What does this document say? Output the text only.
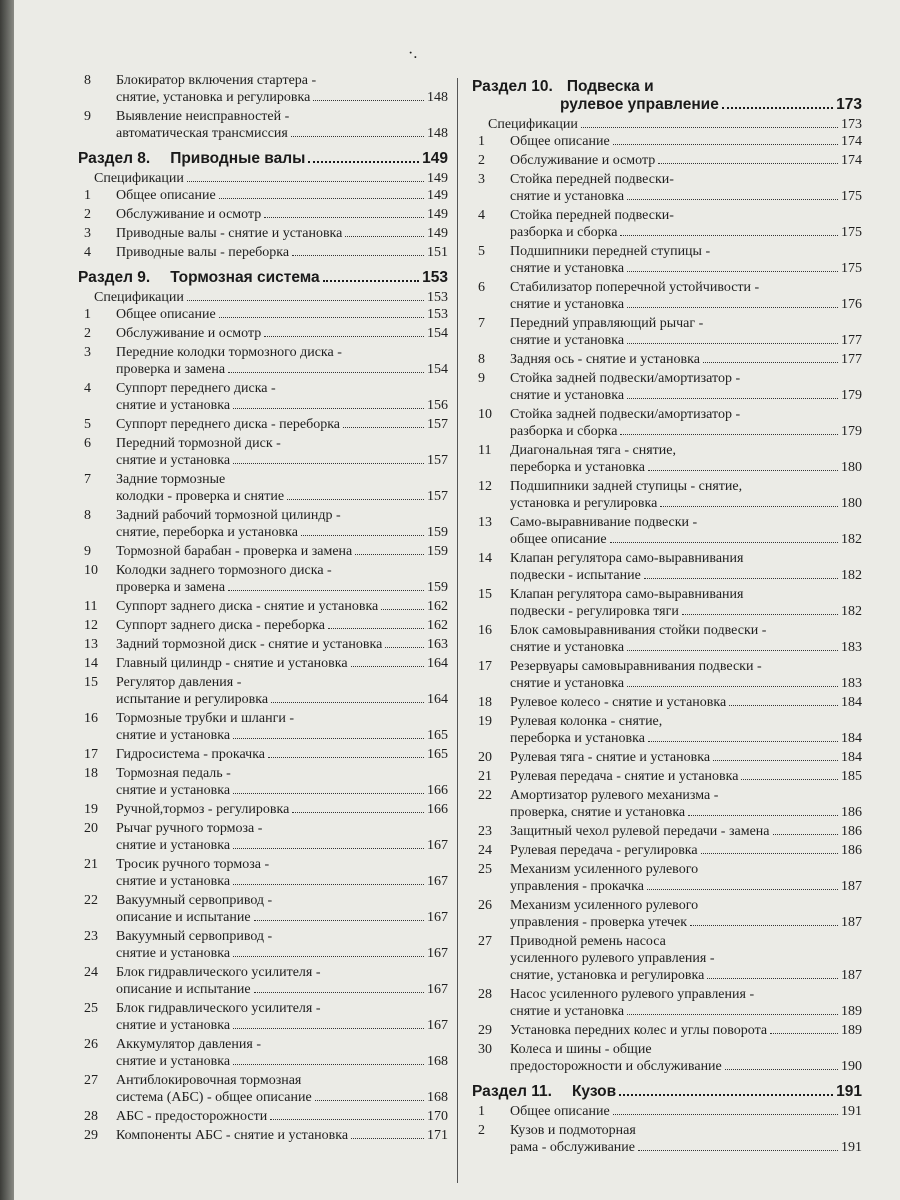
·.
8	Блокиратор включения стартера -
снятие, установка и регулировка	148
9	Выявление неисправностей -
автоматическая трансмиссия	148
Раздел 8. Приводные валы	149
Спецификации	149
1	Общее описание	149
2	Обслуживание и осмотр	149
3	Приводные валы - снятие и установка	149
4	Приводные валы - переборка	151
Раздел 9. Тормозная система	153
Спецификации	153
1	Общее описание	153
2	Обслуживание и осмотр	154
3	Передние колодки тормозного диска -
проверка и замена	154
4	Суппорт переднего диска -
снятие и установка	156
5	Суппорт переднего диска - переборка	157
6	Передний тормозной диск -
снятие и установка	157
7	Задние тормозные
колодки - проверка и снятие	157
8	Задний рабочий тормозной цилиндр -
снятие, переборка и установка	159
9	Тормозной барабан - проверка и замена	159
10	Колодки заднего тормозного диска -
проверка и замена	159
11	Суппорт заднего диска - снятие и установка	162
12	Суппорт заднего диска - переборка	162
13	Задний тормозной диск - снятие и установка	163
14	Главный цилиндр - снятие и установка	164
15	Регулятор давления -
испытание и регулировка	164
16	Тормозные трубки и шланги -
снятие и установка	165
17	Гидросистема - прокачка	165
18	Тормозная педаль -
снятие и установка	166
19	Ручной,тормоз - регулировка	166
20	Рычаг ручного тормоза -
снятие и установка	167
21	Тросик ручного тормоза -
снятие и установка	167
22	Вакуумный сервопривод -
описание и испытание	167
23	Вакуумный сервопривод -
снятие и установка	167
24	Блок гидравлического усилителя -
описание и испытание	167
25	Блок гидравлического усилителя -
снятие и установка	167
26	Аккумулятор давления -
снятие и установка	168
27	Антиблокировочная тормозная
система (АБС) - общее описание	168
28	АБС - предосторожности	170
29	Компоненты АБС - снятие и установка	171
Раздел 10. Подвеска и
рулевое управление	173
Спецификации	173
1	Общее описание	174
2	Обслуживание и осмотр	174
3	Стойка передней подвески-
снятие и установка	175
4	Стойка передней подвески-
разборка и сборка	175
5	Подшипники передней ступицы -
снятие и установка	175
6	Стабилизатор поперечной устойчивости -
снятие и установка	176
7	Передний управляющий рычаг -
снятие и установка	177
8	Задняя ось - снятие и установка	177
9	Стойка задней подвески/амортизатор -
снятие и установка	179
10	Стойка задней подвески/амортизатор -
разборка и сборка	179
11	Диагональная тяга - снятие,
переборка и установка	180
12	Подшипники задней ступицы - снятие,
установка и регулировка	180
13	Само-выравнивание подвески -
общее описание	182
14	Клапан регулятора само-выравнивания
подвески - испытание	182
15	Клапан регулятора само-выравнивания
подвески - регулировка тяги	182
16	Блок самовыравнивания стойки подвески -
снятие и установка	183
17	Резервуары самовыравнивания подвески -
снятие и установка	183
18	Рулевое колесо - снятие и установка	184
19	Рулевая колонка - снятие,
переборка и установка	184
20	Рулевая тяга - снятие и установка	184
21	Рулевая передача - снятие и установка	185
22	Амортизатор рулевого механизма -
проверка, снятие и установка	186
23	Защитный чехол рулевой передачи - замена	186
24	Рулевая передача - регулировка	186
25	Механизм усиленного рулевого
управления - прокачка	187
26	Механизм усиленного рулевого
управления - проверка утечек	187
27	Приводной ремень насоса
усиленного рулевого управления -
снятие, установка и регулировка	187
28	Насос усиленного рулевого управления -
снятие и установка	189
29	Установка передних колес и углы поворота	189
30	Колеса и шины - общие
предосторожности и обслуживание	190
Раздел 11. Кузов	191
1	Общее описание	191
2	Кузов и подмоторная
рама - обслуживание	191
